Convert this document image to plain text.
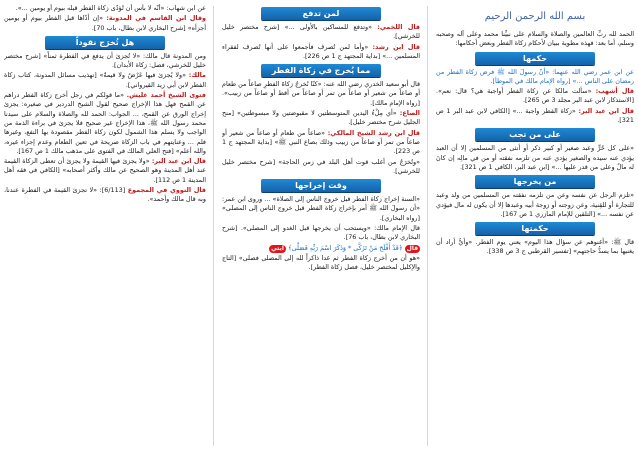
بسم الله الرحمن الرحيم

الحمد لله ربِّ العالمين والصلاة والسلام على نبيِّنا محمد وعلى آله وصحبه وسلم، أما بعد: فهذه مطوية ببيان لأحكام زكاة الفطر وبعض أحكامها:

حكمها

عن ابن عمر رضي الله عنهما: «أنّ رسولَ الله ﷺ فرض زكاة الفطر من رمضان على الناس ...» [رواه الإمام مالك في الموطأ].

قال أشهب: «سألت مالكا عن زكاة الفطر أواجبة هي؟ قال: نعم». [الاستذكار لابن عبد البر مجلد 3 ص 265].

قال ابن عبد البر: «زكاة الفطر واجبة ...» [الكافي لابن عبد البر 1 ص 321].

على من تجب

«على كل حُرٍّ وعبد صغير أو كبير ذكر أو أنثى من المسلمين إلا أن العبد يؤدي عنه سيده والصغير يؤدي عنه من تلزمه نفقته أو من في مالِه إن كانَ له مالٌ وعلى من قدر عليها ...» [ابن عبد البر، الكافي 1 ص 321].

من يخرجها

«تلزم الرجل عن نفسه وعن من تلزمه نفقته من المسلمين من ولد وعبد للتجارة أو للقِنية، وعن زوجته أو زوجة أبيه وعبدها إلا أن يكون له مال فيؤدي عن نفسه ...» [التلقين للإمام المازري 1 ص 167].

حكمتها

قال ﷺ: «أغنوهم عن سؤال هذا اليوم» يعني يوم الفطر. «وأيُّ أراد أن يغنيها بما يسدُّ حاجتهم» [تفسير القرطبي ج 3 ص 338].

لمن تدفع

قال اللخمي: «وتدفع للمساكين بالأولى ...» [شرح مختصر خليل للخرشي].

قال ابن رشد: «وأما لمن تُصرف فأجمعوا على أنها تُصرف لفقراء المسلمين ...» [بداية المجتهد ج 1 ص 226].

مما يُخرج في زكاة الفطر

قال أبو سعيد الخدري رضي الله عنه: «كنّا نُخرجُ زكاةَ الفطرِ صاعاً من طعام أو صاعاً من شعير أو صاعاً من تمر أو صاعاً من أقط أو صاعاً من زبيب». [رواه الإمام مالك].

الصاع: «أي مِلْءُ اليدين المتوسطتين لا مقبوضتين ولا مبسوطتين» [منح الجليل شرح مختصر خليل].

قال ابن رشد الشيخ المالكي: «صاعاً من طعام أو صاعاً من شعير أو صاعاً من تمر أو صاعاً من زبيب وذلك بصاع النبي ﷺ» [بداية المجتهد ج 1 ص 223].

«وتُخرَجُ من أغلب قوت أهل البلد في زمن الحاجة» [شرح مختصر خليل للخرشي].

وقت إخراجها

«السنة إخراج زكاة الفطر قبل خروج الناس إلى الصلاة» ... وروى ابن عمر: «أن رسولَ الله ﷺ أمر بإخراج زكاة الفطر قبل خروج الناس إلى المصلى» [رواه البخاري].

قال الإمام مالك: «ويستحب أن يخرجها قبل الغدو إلى المصلى». [شرح البخاري لابن بطال، باب 76].

قال ﴿قَدْ أَفْلَحَ مَنْ تَزَكَّى * وَذَكَرَ اسْمَ رَبِّهِ فَصَلَّى﴾ ايتي

«هو أن من أخرج زكاة الفطر ثم غدا ذاكراً لله إلى المصلى فصلى» [التاج والإكليل لمختصر خليل، فصل زكاة الفطر].

عن ابن شهاب: «أنّه لا بأس أن تُؤدّى زكاة الفطر قبله بيوم أو يومين ...».

وقال ابن القاسم في المدونة: «إن أدّاها قبل الفطر بيوم أو يومين أجزأه» [شرح البخاري لابن بطال، باب 70].

هل تُخرَج نقوداً

ومن المدونة قال مالك: «لا تُجزئ أن يدفع في الفطرة ثمناً» [شرح مختصر خليل للخرشي، فصل: زكاة الأبدان].

مالك: «ولا يُجزئ فيها عَرْضٌ ولا قيمةٌ» [تهذيب مسائل المدونة، كتاب زكاة الفطر لابن أبي زيد القيرواني].

فتوى الشيخ أحمد عليش. «ما قولكم في رجل أخرج زكاة الفطر دراهم عن القمح فهل هذا الإخراج صحيح لقول الشيخ الدردير في صغيره: يجزئ إخراج الورق عن القمح، ... الجواب: الحمد لله والصلاة والسلام على سيدنا محمد رسول الله ﷺ، هذا الإخراج غير صحيح فلا يجزئ في براءة الذمة من الواجب ولا يسلم هذا الشمول لكون زكاة الفطر مقصودة بها النفع، وغيرها فلم ... وعنايتهم في باب الزكاة صريحة في تعين الطعام وعدم إجزاء غيره، والله أعلم» [فتح العلي المالك في الفتوى على مذهب مالك 1 ص 167].

قال ابن عبد البر: «ولا يجزئ فيها القيمة ولا يجزئ أن تعطى الزكاة القيمة عند أهل المدينة وهو الصحيح عن مالك وأكثر أصحابه» [الكافي في فقه أهل المدينة 1 ص 112].

قال النووي في المجموع [6/113]: «لا تجزئ القيمة في الفطرة عندنا، وبه قال مالك وأحمد».
